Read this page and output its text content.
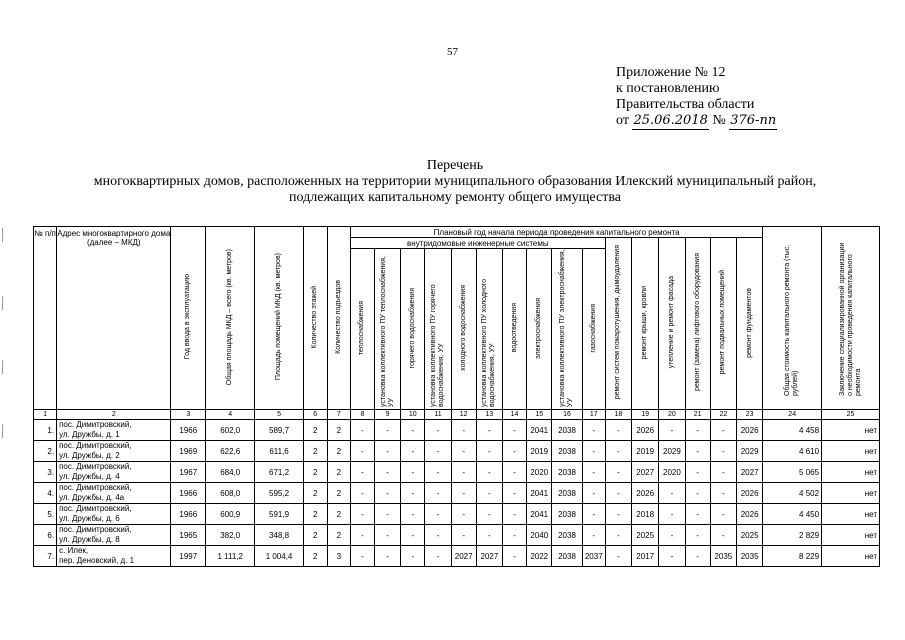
57
Приложение № 12
к постановлению
Правительства области
от 25.06.2018 № 376-пп
Перечень
многоквартирных домов, расположенных на территории муниципального образования Илекский муниципальный район,
подлежащих капитальному ремонту общего имущества
№ п/п	Адрес многоквартирного дома (далее – МКД)	Год ввода в эксплуатацию	Общая площадь МКД – всего (кв. метров)	Площадь помещений МКД (кв. метров)	Количество этажей	Количество подъездов	Плановый год начала периода проведения капитального ремонта																Общая стоимость капитального ремонта (тыс. рублей)	Заключение специализированной организации о необходимости проведения капитального ремонта
							внутридомовые инженерные системы										ремонт систем пожаротушения, дымоудаления	ремонт крыши, кровли	утепление и ремонт фасада	ремонт (замена) лифтового оборудования	ремонт подвальных помещений	ремонт фундаментов		
							теплоснабжения	установка коллективного ПУ теплоснабжения, УУ	горячего водоснабжения	установка коллективного ПУ горячего водоснабжения, УУ	холодного водоснабжения	установка коллективного ПУ холодного водоснабжения, УУ	водоотведения	электроснабжения	установка коллективного ПУ электроснабжения, УУ	газоснабжения								
1	2	3	4	5	6	7	8	9	10	11	12	13	14	15	16	17	18	19	20	21	22	23	24	25
1.	пос. Димитровский,
ул. Дружбы, д. 1	1966	602,0	589,7	2	2	-	-	-	-	-	-	-	2041	2038	-	-	2026	-	-	-	2026	4 458	нет
2.	пос. Димитровский,
ул. Дружбы, д. 2	1969	622,6	611,6	2	2	-	-	-	-	-	-	-	2019	2038	-	-	2019	2029	-	-	2029	4 610	нет
3.	пос. Димитровский,
ул. Дружбы, д. 4	1967	684,0	671,2	2	2	-	-	-	-	-	-	-	2020	2038	-	-	2027	2020	-	-	2027	5 065	нет
4.	пос. Димитровский,
ул. Дружбы, д. 4а	1966	608,0	595,2	2	2	-	-	-	-	-	-	-	2041	2038	-	-	2026	-	-	-	2026	4 502	нет
5.	пос. Димитровский,
ул. Дружбы, д. 6	1966	600,9	591,9	2	2	-	-	-	-	-	-	-	2041	2038	-	-	2018	-	-	-	2026	4 450	нет
6.	пос. Димитровский,
ул. Дружбы, д. 8	1965	382,0	348,8	2	2	-	-	-	-	-	-	-	2040	2038	-	-	2025	-	-	-	2025	2 829	нет
7.	с. Илек,
пер. Деновский, д. 1	1997	1 111,2	1 004,4	2	3	-	-	-	-	2027	2027	-	2022	2038	2037	-	2017	-	-	2035	2035	8 229	нет
